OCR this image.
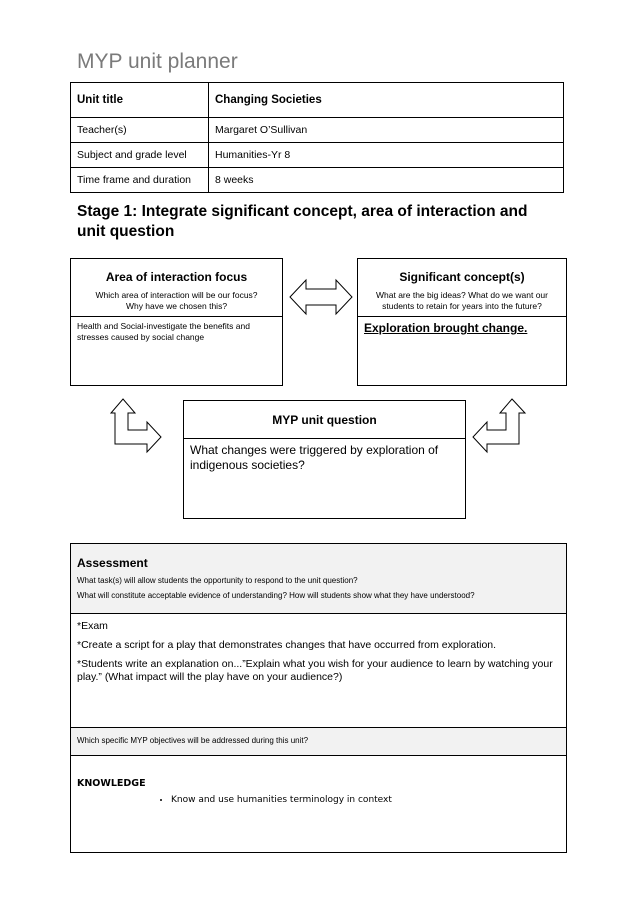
MYP unit planner
Unit title	Changing Societies
Teacher(s)	Margaret O’Sullivan
Subject and grade level	Humanities-Yr 8
Time frame and duration	8 weeks
Stage 1: Integrate significant concept, area of interaction and unit question
Area of interaction focus
Which area of interaction will be our focus? Why have we chosen this?
Health and Social-investigate the benefits and stresses caused by social change
Significant concept(s)
What are the big ideas? What do we want our students to retain for years into the future?
Exploration brought change.
MYP unit question
What changes were triggered by exploration of indigenous societies?
Assessment
What task(s) will allow students the opportunity to respond to the unit question?
What will constitute acceptable evidence of understanding? How will students show what they have understood?

*Exam

*Create a script for a play that demonstrates changes that have occurred from exploration.

*Students write an explanation on...”Explain what you wish for your audience to learn by watching your play.” (What impact will the play have on your audience?)

Which specific MYP objectives will be addressed during this unit?
KNOWLEDGE
• Know and use humanities terminology in context
